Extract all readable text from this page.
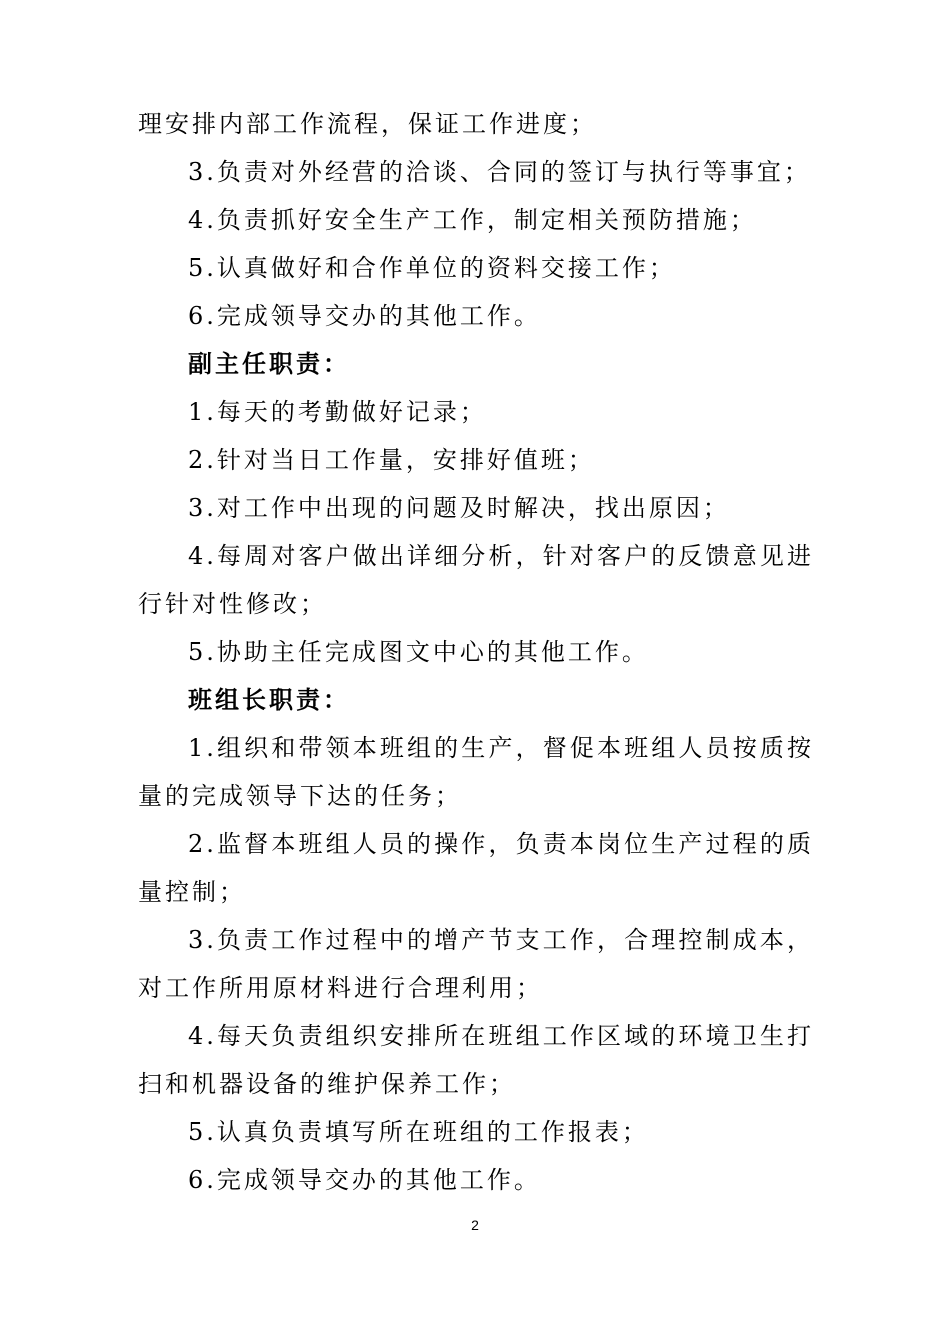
理安排内部工作流程，保证工作进度；

3.负责对外经营的洽谈、合同的签订与执行等事宜；

4.负责抓好安全生产工作，制定相关预防措施；

5.认真做好和合作单位的资料交接工作；

6.完成领导交办的其他工作。

副主任职责：

1.每天的考勤做好记录；

2.针对当日工作量，安排好值班；

3.对工作中出现的问题及时解决，找出原因；

4.每周对客户做出详细分析，针对客户的反馈意见进行针对性修改；

5.协助主任完成图文中心的其他工作。

班组长职责：

1.组织和带领本班组的生产，督促本班组人员按质按量的完成领导下达的任务；

2.监督本班组人员的操作，负责本岗位生产过程的质量控制；

3.负责工作过程中的增产节支工作，合理控制成本，对工作所用原材料进行合理利用；

4.每天负责组织安排所在班组工作区域的环境卫生打扫和机器设备的维护保养工作；

5.认真负责填写所在班组的工作报表；

6.完成领导交办的其他工作。

2
